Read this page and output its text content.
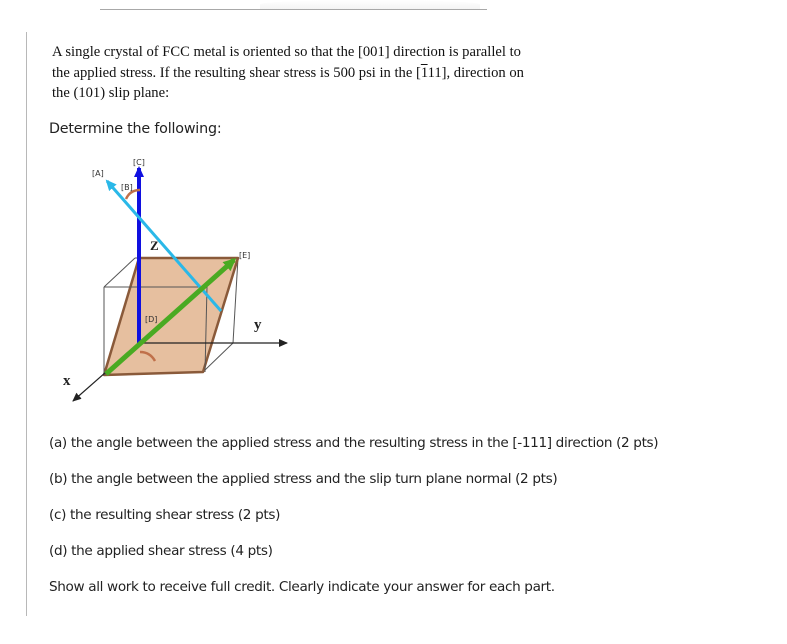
A single crystal of FCC metal is oriented so that the [001] direction is parallel to
the applied stress. If the resulting shear stress is 500 psi in the [111], direction on
the (101) slip plane:
Determine the following:
[A]
[B]
[C]
[D]
[E]
Z
y
x
(a) the angle between the applied stress and the resulting stress in the [-111] direction (2 pts)
(b) the angle between the applied stress and the slip turn plane normal (2 pts)
(c) the resulting shear stress (2 pts)
(d) the applied shear stress (4 pts)
Show all work to receive full credit. Clearly indicate your answer for each part.
